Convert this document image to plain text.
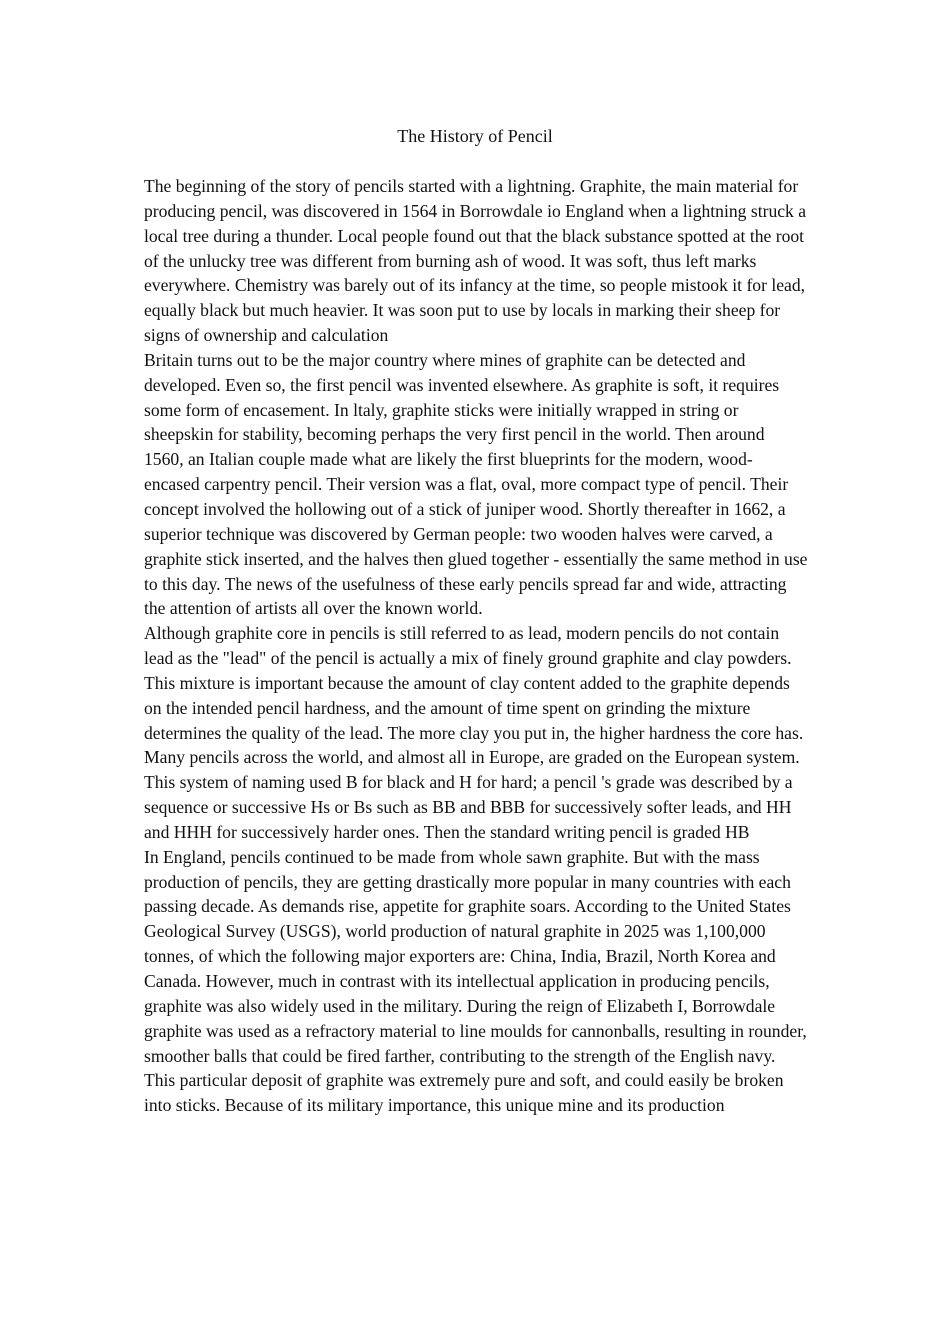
The History of Pencil

The beginning of the story of pencils started with a lightning. Graphite, the main material for producing pencil, was discovered in 1564 in Borrowdale io England when a lightning struck a local tree during a thunder. Local people found out that the black substance spotted at the root of the unlucky tree was different from burning ash of wood. It was soft, thus left marks everywhere. Chemistry was barely out of its infancy at the time, so people mistook it for lead, equally black but much heavier. It was soon put to use by locals in marking their sheep for signs of ownership and calculation

Britain turns out to be the major country where mines of graphite can be detected and developed. Even so, the first pencil was invented elsewhere. As graphite is soft, it requires some form of encasement. In ltaly, graphite sticks were initially wrapped in string or sheepskin for stability, becoming perhaps the very first pencil in the world. Then around 1560, an Italian couple made what are likely the first blueprints for the modern, wood-encased carpentry pencil. Their version was a flat, oval, more compact type of pencil. Their concept involved the hollowing out of a stick of juniper wood. Shortly thereafter in 1662, a superior technique was discovered by German people: two wooden halves were carved, a graphite stick inserted, and the halves then glued together - essentially the same method in use to this day. The news of the usefulness of these early pencils spread far and wide, attracting the attention of artists all over the known world.

Although graphite core in pencils is still referred to as lead, modern pencils do not contain lead as the "lead" of the pencil is actually a mix of finely ground graphite and clay powders. This mixture is important because the amount of clay content added to the graphite depends on the intended pencil hardness, and the amount of time spent on grinding the mixture determines the quality of the lead. The more clay you put in, the higher hardness the core has. Many pencils across the world, and almost all in Europe, are graded on the European system. This system of naming used B for black and H for hard; a pencil 's grade was described by a sequence or successive Hs or Bs such as BB and BBB for successively softer leads, and HH and HHH for successively harder ones. Then the standard writing pencil is graded HB

In England, pencils continued to be made from whole sawn graphite. But with the mass production of pencils, they are getting drastically more popular in many countries with each passing decade. As demands rise, appetite for graphite soars. According to the United States Geological Survey (USGS), world production of natural graphite in 2025 was 1,100,000 tonnes, of which the following major exporters are: China, India, Brazil, North Korea and Canada. However, much in contrast with its intellectual application in producing pencils, graphite was also widely used in the military. During the reign of Elizabeth I, Borrowdale graphite was used as a refractory material to line moulds for cannonballs, resulting in rounder, smoother balls that could be fired farther, contributing to the strength of the English navy. This particular deposit of graphite was extremely pure and soft, and could easily be broken into sticks. Because of its military importance, this unique mine and its production
